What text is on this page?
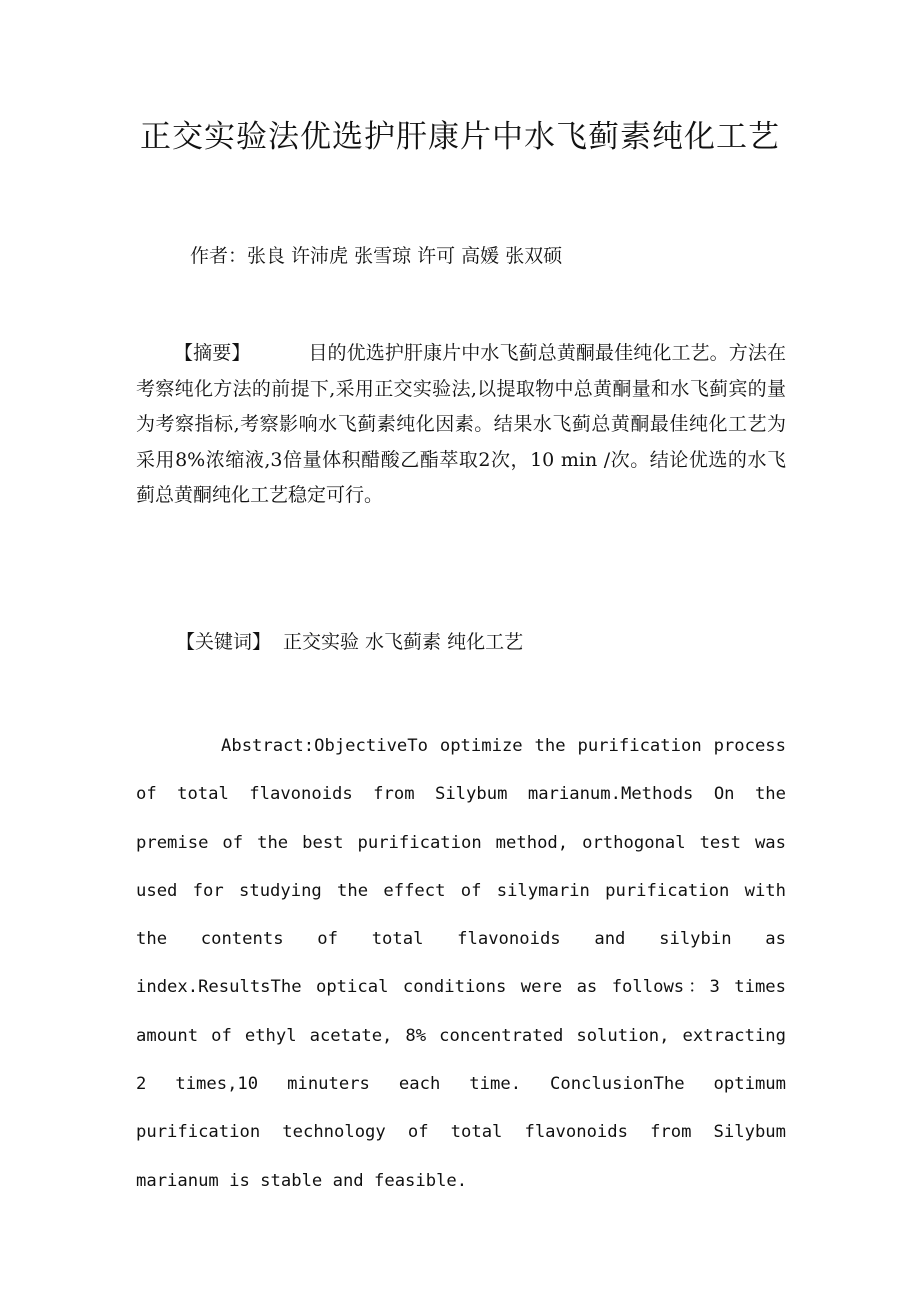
正交实验法优选护肝康片中水飞蓟素纯化工艺
作者：张良 许沛虎 张雪琼 许可 高媛 张双硕
【摘要】	目的优选护肝康片中水飞蓟总黄酮最佳纯化工艺。方法在考察纯化方法的前提下,采用正交实验法,以提取物中总黄酮量和水飞蓟宾的量为考察指标,考察影响水飞蓟素纯化因素。结果水飞蓟总黄酮最佳纯化工艺为采用8%浓缩液,3倍量体积醋酸乙酯萃取2次，10 min /次。结论优选的水飞蓟总黄酮纯化工艺稳定可行。
【关键词】 正交实验 水飞蓟素 纯化工艺
Abstract:ObjectiveTo optimize the purification process of total flavonoids from Silybum marianum.Methods On the premise of the best purification method, orthogonal test was used for studying the effect of silymarin purification with the contents of total flavonoids and silybin as index.ResultsThe optical conditions were as follows：3 times amount of ethyl acetate, 8% concentrated solution, extracting 2 times,10 minuters each time. ConclusionThe optimum purification technology of total flavonoids from Silybum marianum is stable and feasible.
